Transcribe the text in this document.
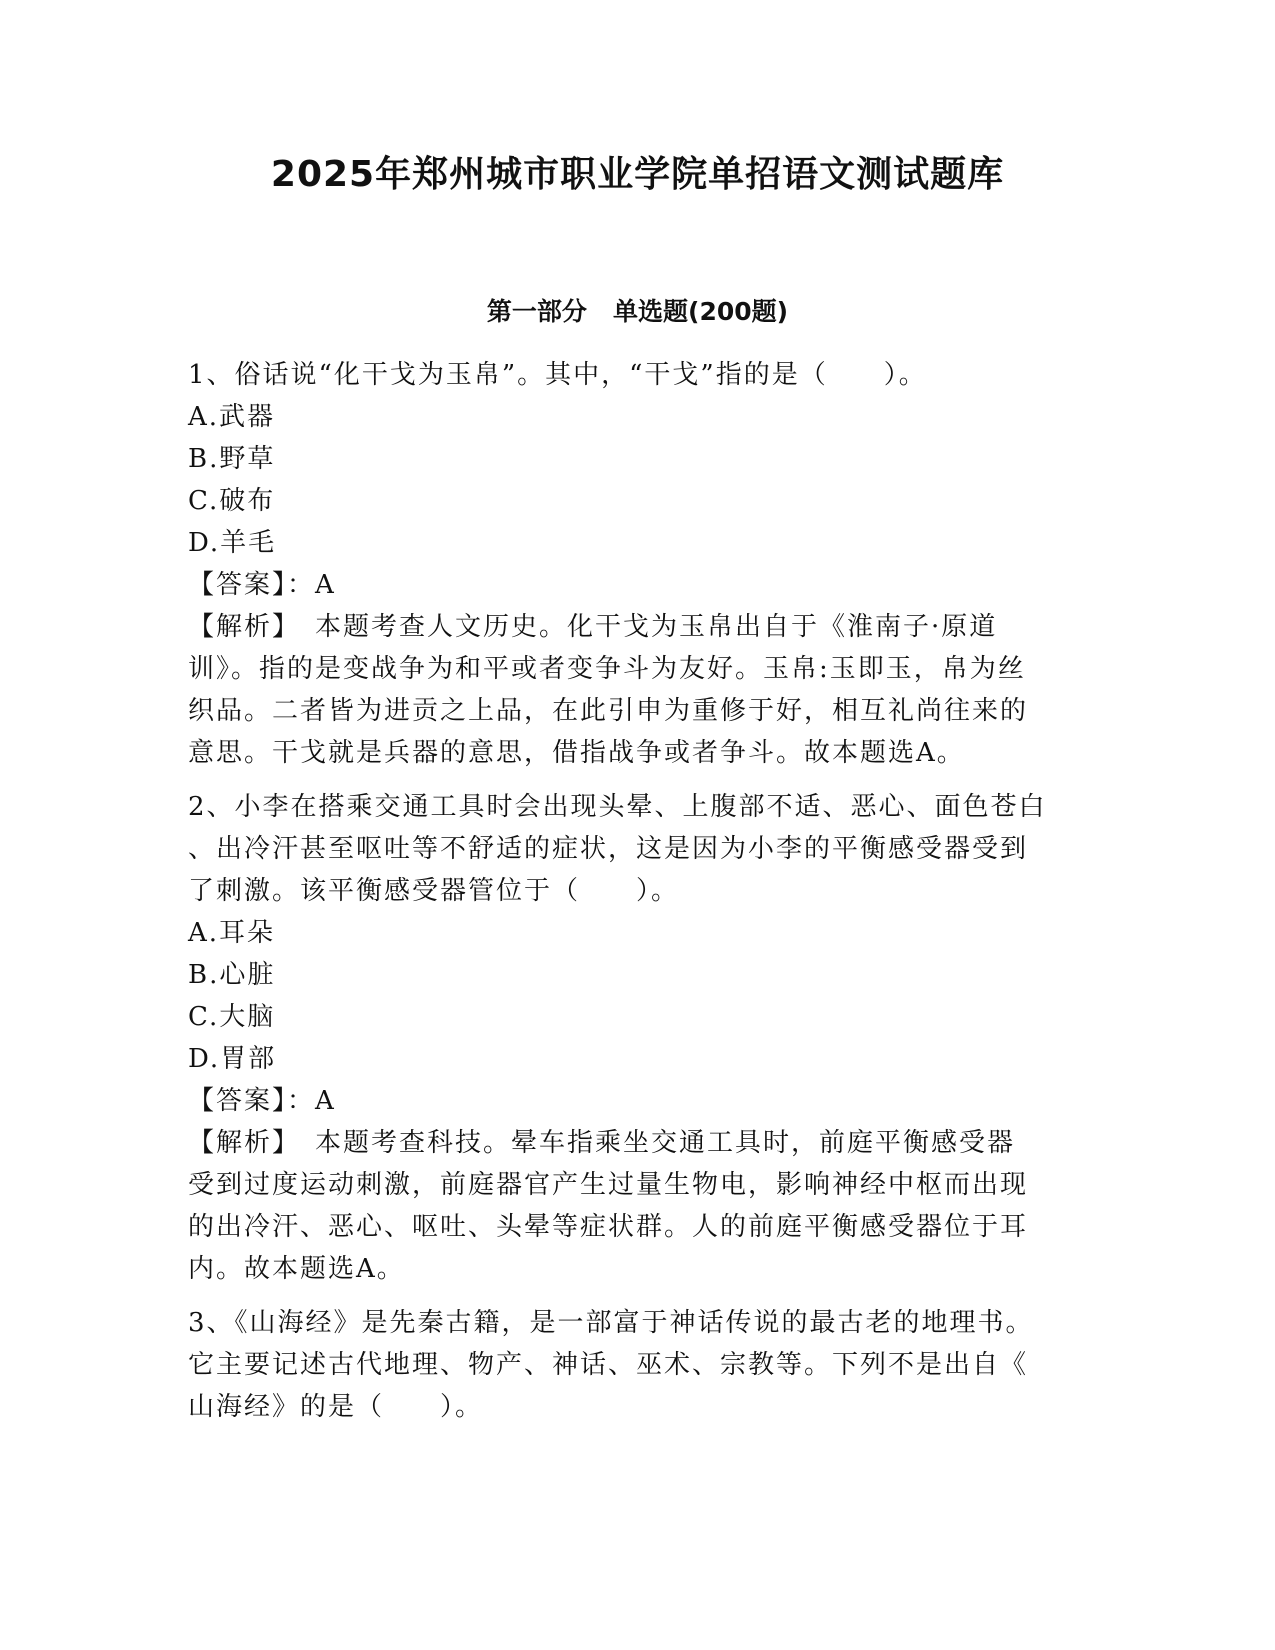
2025年郑州城市职业学院单招语文测试题库
第一部分   单选题(200题)

1、俗话说“化干戈为玉帛”。其中，“干戈”指的是（　　）。

A.武器

B.野草

C.破布

D.羊毛

【答案】：A

【解析】　本题考查人文历史。化干戈为玉帛出自于《淮南子·原道

训》。指的是变战争为和平或者变争斗为友好。玉帛:玉即玉，帛为丝

织品。二者皆为进贡之上品，在此引申为重修于好，相互礼尚往来的

意思。干戈就是兵器的意思，借指战争或者争斗。故本题选A。

2、小李在搭乘交通工具时会出现头晕、上腹部不适、恶心、面色苍白

、出冷汗甚至呕吐等不舒适的症状，这是因为小李的平衡感受器受到

了刺激。该平衡感受器管位于（　　）。

A.耳朵

B.心脏

C.大脑

D.胃部

【答案】：A

【解析】　本题考查科技。晕车指乘坐交通工具时，前庭平衡感受器

受到过度运动刺激，前庭器官产生过量生物电，影响神经中枢而出现

的出冷汗、恶心、呕吐、头晕等症状群。人的前庭平衡感受器位于耳

内。故本题选A。

3、《山海经》是先秦古籍，是一部富于神话传说的最古老的地理书。

它主要记述古代地理、物产、神话、巫术、宗教等。下列不是出自《

山海经》的是（　　）。
